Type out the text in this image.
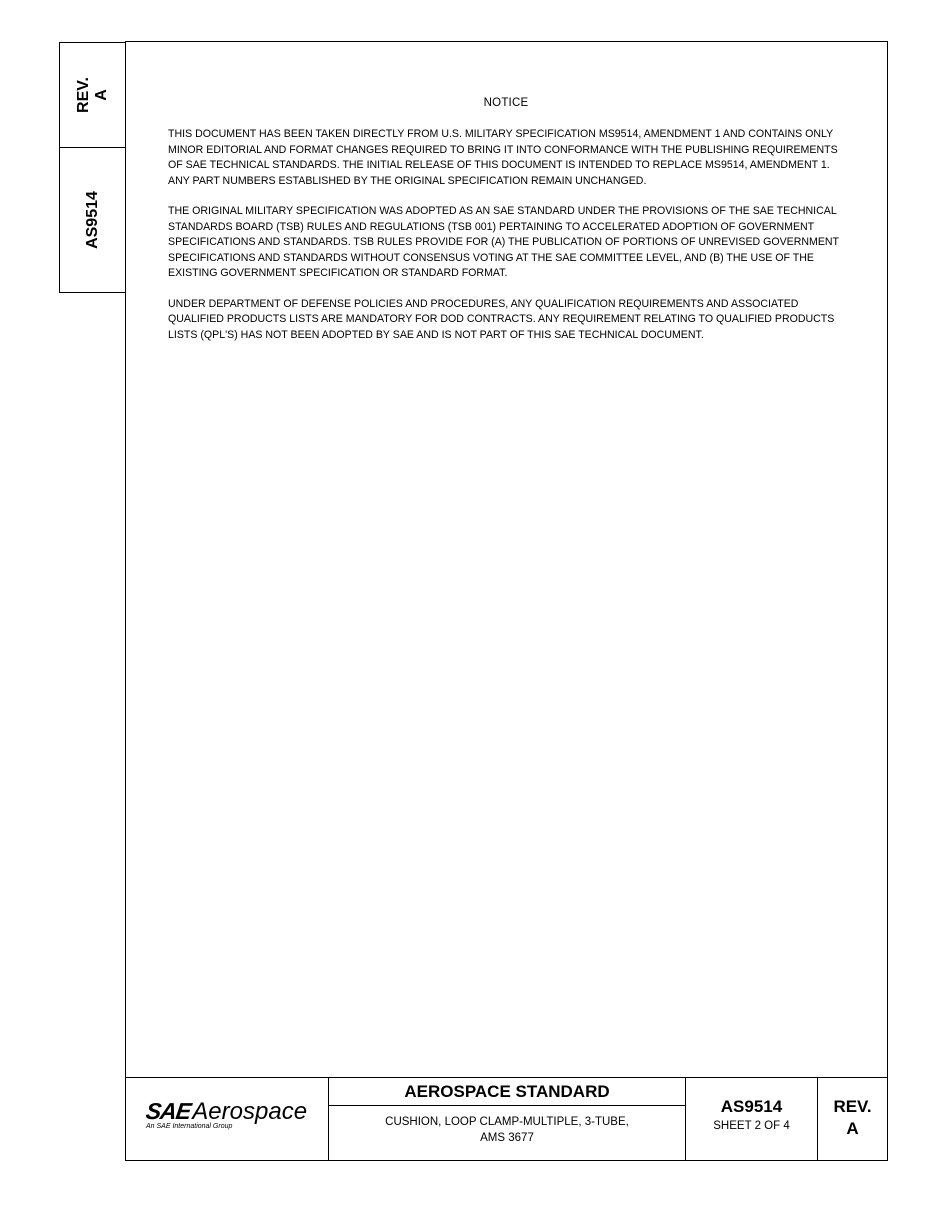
REV. A
AS9514
NOTICE

THIS DOCUMENT HAS BEEN TAKEN DIRECTLY FROM U.S. MILITARY SPECIFICATION MS9514, AMENDMENT 1 AND CONTAINS ONLY MINOR EDITORIAL AND FORMAT CHANGES REQUIRED TO BRING IT INTO CONFORMANCE WITH THE PUBLISHING REQUIREMENTS OF SAE TECHNICAL STANDARDS. THE INITIAL RELEASE OF THIS DOCUMENT IS INTENDED TO REPLACE MS9514, AMENDMENT 1. ANY PART NUMBERS ESTABLISHED BY THE ORIGINAL SPECIFICATION REMAIN UNCHANGED.

THE ORIGINAL MILITARY SPECIFICATION WAS ADOPTED AS AN SAE STANDARD UNDER THE PROVISIONS OF THE SAE TECHNICAL STANDARDS BOARD (TSB) RULES AND REGULATIONS (TSB 001) PERTAINING TO ACCELERATED ADOPTION OF GOVERNMENT SPECIFICATIONS AND STANDARDS. TSB RULES PROVIDE FOR (A) THE PUBLICATION OF PORTIONS OF UNREVISED GOVERNMENT SPECIFICATIONS AND STANDARDS WITHOUT CONSENSUS VOTING AT THE SAE COMMITTEE LEVEL, AND (B) THE USE OF THE EXISTING GOVERNMENT SPECIFICATION OR STANDARD FORMAT.

UNDER DEPARTMENT OF DEFENSE POLICIES AND PROCEDURES, ANY QUALIFICATION REQUIREMENTS AND ASSOCIATED QUALIFIED PRODUCTS LISTS ARE MANDATORY FOR DOD CONTRACTS. ANY REQUIREMENT RELATING TO QUALIFIED PRODUCTS LISTS (QPL'S) HAS NOT BEEN ADOPTED BY SAE AND IS NOT PART OF THIS SAE TECHNICAL DOCUMENT.

SAEAerospace
An SAE International Group
AEROSPACE STANDARD
CUSHION, LOOP CLAMP-MULTIPLE, 3-TUBE,
AMS 3677
AS9514
SHEET 2 OF 4
REV.
A
